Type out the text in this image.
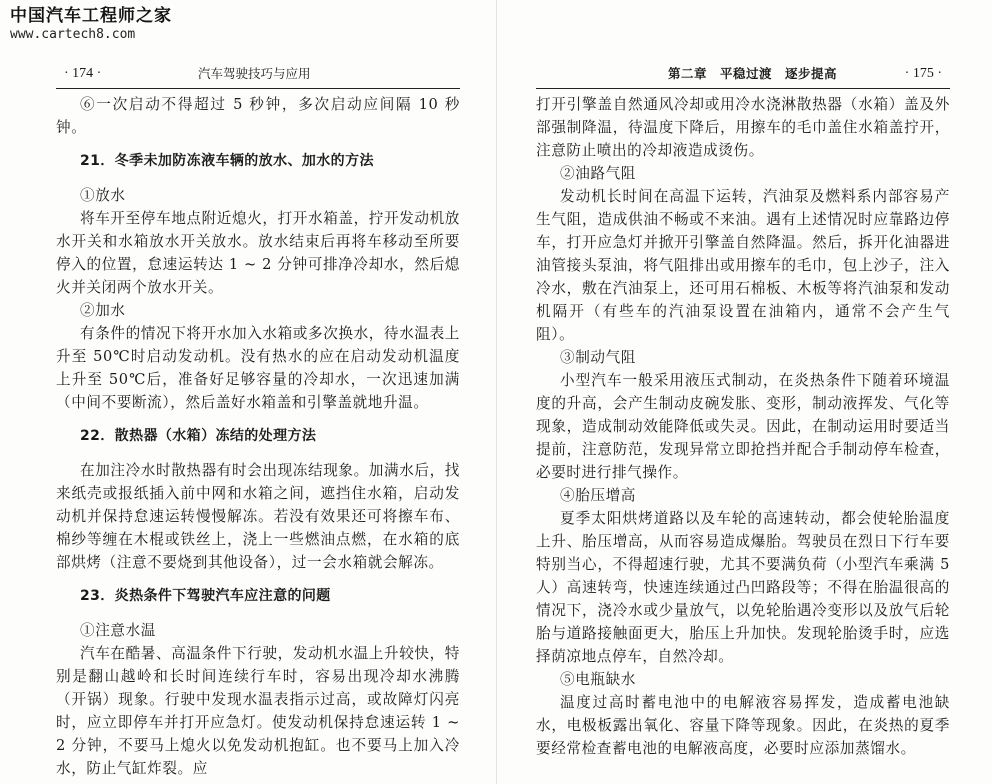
中国汽车工程师之家
www.cartech8.com
· 174 ·	汽车驾驶技巧与应用

⑥一次启动不得超过 5 秒钟，多次启动应间隔 10 秒钟。

21．冬季未加防冻液车辆的放水、加水的方法

①放水

将车开至停车地点附近熄火，打开水箱盖，拧开发动机放水开关和水箱放水开关放水。放水结束后再将车移动至所要停入的位置，怠速运转达 1 ~ 2 分钟可排净冷却水，然后熄火并关闭两个放水开关。

②加水

有条件的情况下将开水加入水箱或多次换水，待水温表上升至 50℃时启动发动机。没有热水的应在启动发动机温度上升至 50℃后，准备好足够容量的冷却水，一次迅速加满（中间不要断流），然后盖好水箱盖和引擎盖就地升温。

22．散热器（水箱）冻结的处理方法

在加注冷水时散热器有时会出现冻结现象。加满水后，找来纸壳或报纸插入前中网和水箱之间，遮挡住水箱，启动发动机并保持怠速运转慢慢解冻。若没有效果还可将擦车布、棉纱等缠在木棍或铁丝上，浇上一些燃油点燃，在水箱的底部烘烤（注意不要烧到其他设备），过一会水箱就会解冻。

23．炎热条件下驾驶汽车应注意的问题

①注意水温

汽车在酷暑、高温条件下行驶，发动机水温上升较快，特别是翻山越岭和长时间连续行车时，容易出现冷却水沸腾（开锅）现象。行驶中发现水温表指示过高，或故障灯闪亮时，应立即停车并打开应急灯。使发动机保持怠速运转 1 ~ 2 分钟，不要马上熄火以免发动机抱缸。也不要马上加入冷水，防止气缸炸裂。应

第二章　平稳过渡　逐步提高	· 175 ·

打开引擎盖自然通风冷却或用冷水浇淋散热器（水箱）盖及外部强制降温，待温度下降后，用擦车的毛巾盖住水箱盖拧开，注意防止喷出的冷却液造成烫伤。

②油路气阻

发动机长时间在高温下运转，汽油泵及燃料系内部容易产生气阻，造成供油不畅或不来油。遇有上述情况时应靠路边停车，打开应急灯并掀开引擎盖自然降温。然后，拆开化油器进油管接头泵油，将气阻排出或用擦车的毛巾，包上沙子，注入冷水，敷在汽油泵上，还可用石棉板、木板等将汽油泵和发动机隔开（有些车的汽油泵设置在油箱内，通常不会产生气阻）。

③制动气阻

小型汽车一般采用液压式制动，在炎热条件下随着环境温度的升高，会产生制动皮碗发胀、变形，制动液挥发、气化等现象，造成制动效能降低或失灵。因此，在制动运用时要适当提前，注意防范，发现异常立即抢挡并配合手制动停车检查，必要时进行排气操作。

④胎压增高

夏季太阳烘烤道路以及车轮的高速转动，都会使轮胎温度上升、胎压增高，从而容易造成爆胎。驾驶员在烈日下行车要特别当心，不得超速行驶，尤其不要满负荷（小型汽车乘满 5 人）高速转弯，快速连续通过凸凹路段等；不得在胎温很高的情况下，浇冷水或少量放气，以免轮胎遇冷变形以及放气后轮胎与道路接触面更大，胎压上升加快。发现轮胎烫手时，应选择荫凉地点停车，自然冷却。

⑤电瓶缺水

温度过高时蓄电池中的电解液容易挥发，造成蓄电池缺水，电极板露出氧化、容量下降等现象。因此，在炎热的夏季要经常检查蓄电池的电解液高度，必要时应添加蒸馏水。
